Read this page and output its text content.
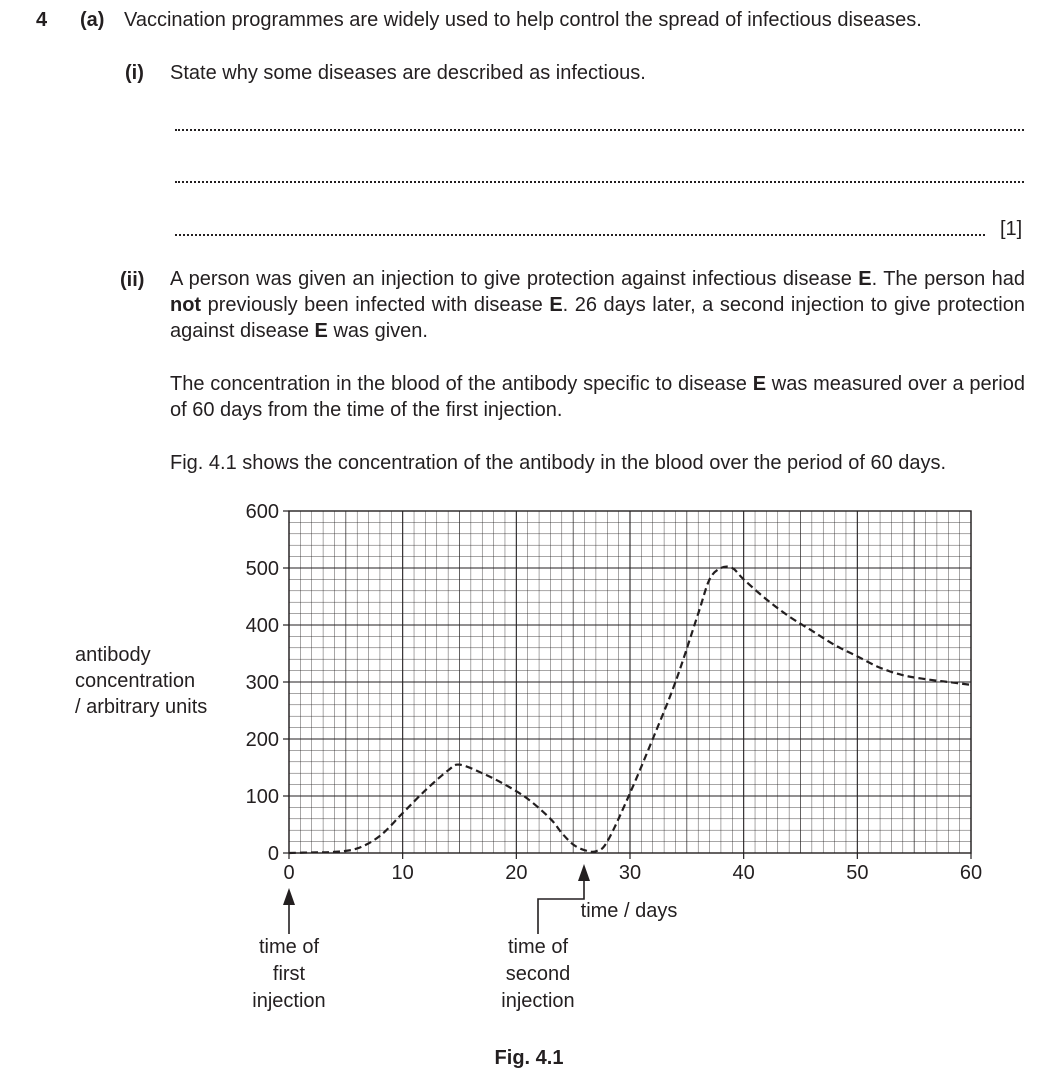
4 (a) Vaccination programmes are widely used to help control the spread of infectious diseases.
(i) State why some diseases are described as infectious.
[1]
(ii) A person was given an injection to give protection against infectious disease E. The person had not previously been infected with disease E. 26 days later, a second injection to give protection against disease E was given.
The concentration in the blood of the antibody specific to disease E was measured over a period of 60 days from the time of the first injection.
Fig. 4.1 shows the concentration of the antibody in the blood over the period of 60 days.
antibody
concentration
/ arbitrary units
0	10	20	30	40	50	60
0
100
200
300
400
500
600
time / days
time of
first
injection
time of
second
injection
Fig. 4.1
